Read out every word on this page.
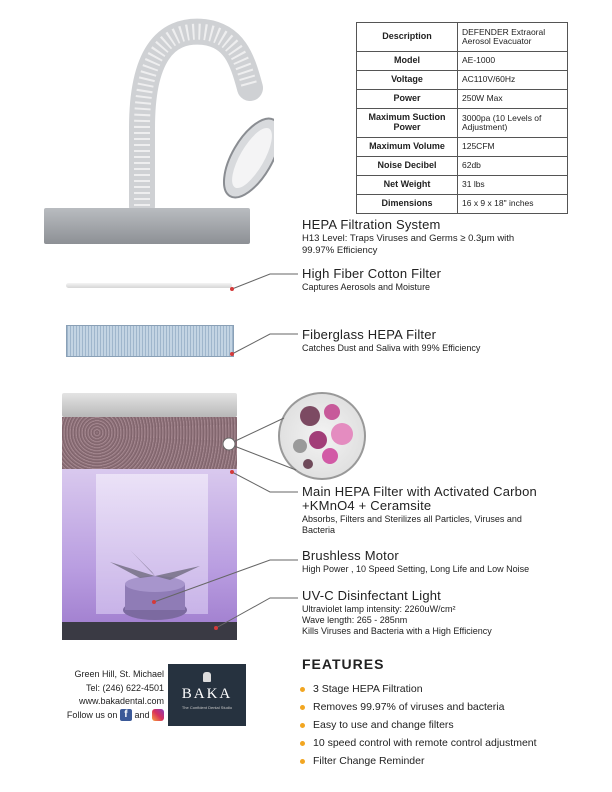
Description	DEFENDER Extraoral Aerosol Evacuator
Model	AE-1000
Voltage	AC110V/60Hz
Power	250W Max
Maximum Suction Power	3000pa (10 Levels of Adjustment)
Maximum Volume	125CFM
Noise Decibel	62db
Net Weight	31 lbs
Dimensions	16 x 9 x 18" inches
HEPA Filtration System
H13 Level: Traps Viruses and Germs ≥ 0.3μm with 99.97% Efficiency
High Fiber Cotton Filter
Captures Aerosols and Moisture
Fiberglass HEPA Filter
Catches Dust and Saliva with 99% Efficiency
Main HEPA Filter with Activated Carbon +KMnO4 + Ceramsite
Absorbs, Filters and Sterilizes all Particles, Viruses and Bacteria
Brushless Motor
High Power , 10 Speed Setting, Long Life and Low Noise
UV-C Disinfectant Light
Ultraviolet lamp intensity: 2260uW/cm²
Wave length: 265 - 285nm
Kills Viruses and Bacteria with a High Efficiency
FEATURES
3 Stage HEPA Filtration
Removes 99.97% of viruses and bacteria
Easy to use and change filters
10 speed control with remote control adjustment
Filter Change Reminder
Green Hill, St. Michael
Tel: (246) 622-4501
www.bakadental.com
Follow us on f and
BAKA
The Confident Dental Studio
